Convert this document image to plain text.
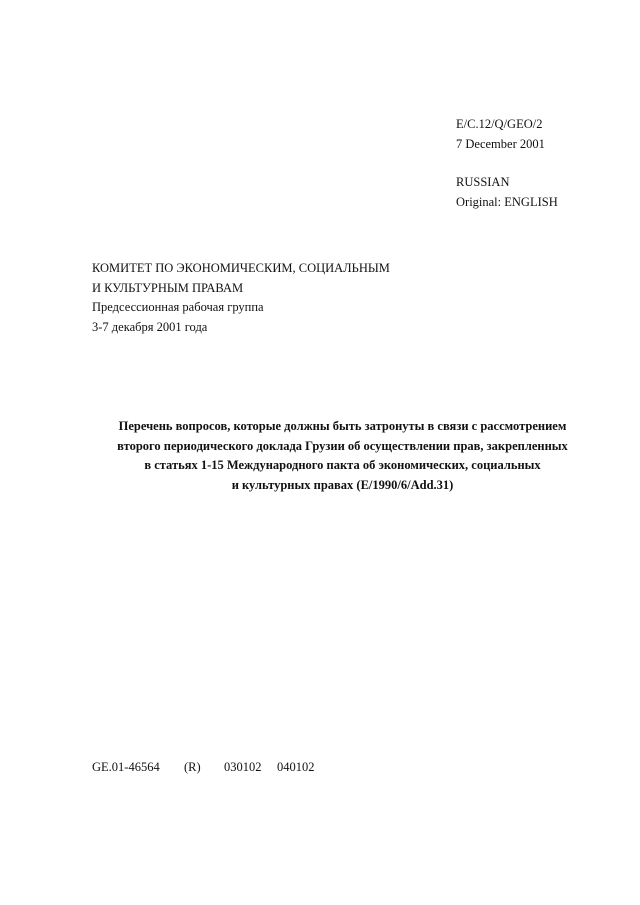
E/C.12/Q/GEO/2
7 December 2001
RUSSIAN
Original: ENGLISH
КОМИТЕТ ПО ЭКОНОМИЧЕСКИМ, СОЦИАЛЬНЫМ
И КУЛЬТУРНЫМ ПРАВАМ
Предсессионная рабочая группа
3-7 декабря 2001 года
Перечень вопросов, которые должны быть затронуты в связи с рассмотрением
второго периодического доклада Грузии об осуществлении прав, закрепленных
в статьях 1-15 Международного пакта об экономических, социальных
и культурных правах (E/1990/6/Add.31)
GE.01-46564 (R) 030102 040102
